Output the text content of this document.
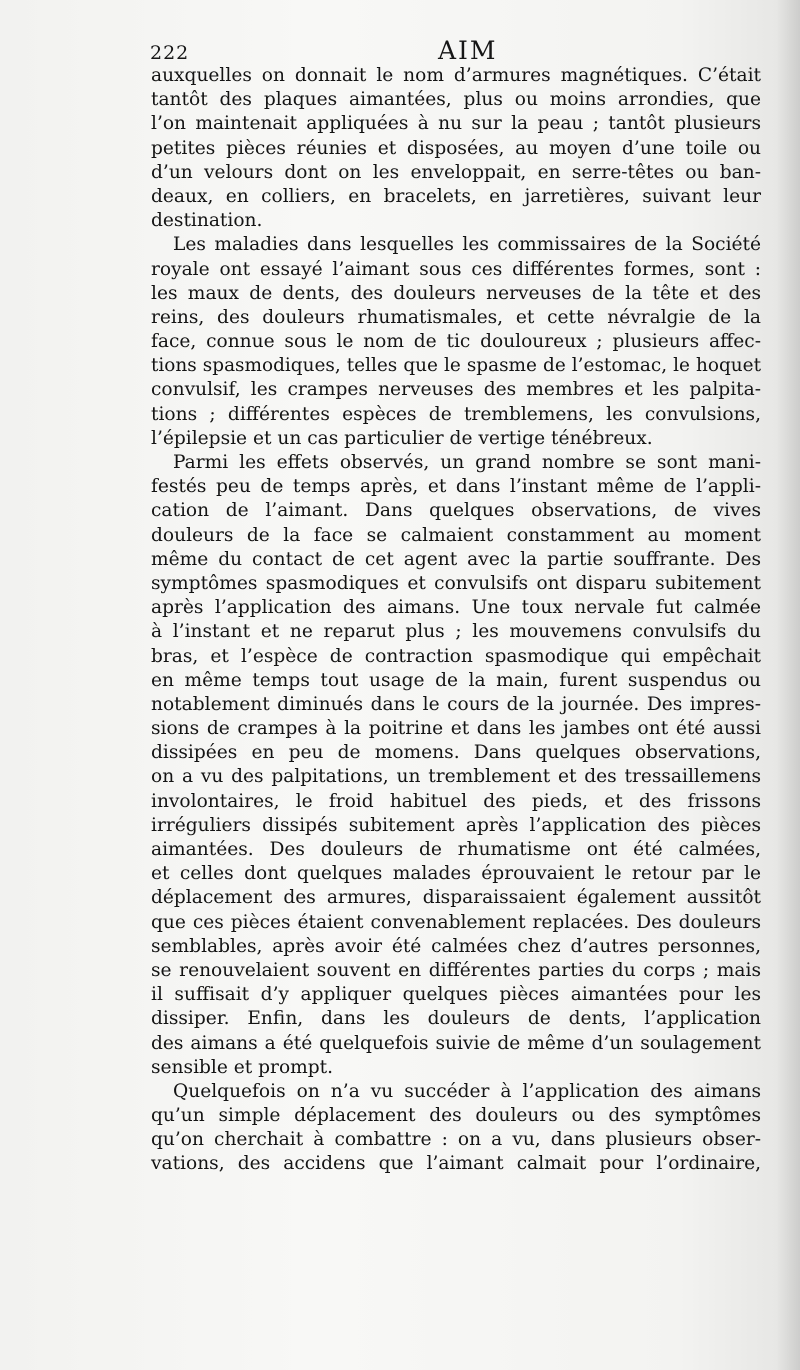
222	AIM
auxquelles on donnait le nom d’armures magnétiques. C’était
tantôt des plaques aimantées, plus ou moins arrondies, que
l’on maintenait appliquées à nu sur la peau ; tantôt plusieurs
petites pièces réunies et disposées, au moyen d’une toile ou
d’un velours dont on les enveloppait, en serre-têtes ou ban-
deaux, en colliers, en bracelets, en jarretières, suivant leur
destination.
Les maladies dans lesquelles les commissaires de la Société
royale ont essayé l’aimant sous ces différentes formes, sont :
les maux de dents, des douleurs nerveuses de la tête et des
reins, des douleurs rhumatismales, et cette névralgie de la
face, connue sous le nom de tic douloureux ; plusieurs affec-
tions spasmodiques, telles que le spasme de l’estomac, le hoquet
convulsif, les crampes nerveuses des membres et les palpita-
tions ; différentes espèces de tremblemens, les convulsions,
l’épilepsie et un cas particulier de vertige ténébreux.
Parmi les effets observés, un grand nombre se sont mani-
festés peu de temps après, et dans l’instant même de l’appli-
cation de l’aimant. Dans quelques observations, de vives
douleurs de la face se calmaient constamment au moment
même du contact de cet agent avec la partie souffrante. Des
symptômes spasmodiques et convulsifs ont disparu subitement
après l’application des aimans. Une toux nervale fut calmée
à l’instant et ne reparut plus ; les mouvemens convulsifs du
bras, et l’espèce de contraction spasmodique qui empêchait
en même temps tout usage de la main, furent suspendus ou
notablement diminués dans le cours de la journée. Des impres-
sions de crampes à la poitrine et dans les jambes ont été aussi
dissipées en peu de momens. Dans quelques observations,
on a vu des palpitations, un tremblement et des tressaillemens
involontaires, le froid habituel des pieds, et des frissons
irréguliers dissipés subitement après l’application des pièces
aimantées. Des douleurs de rhumatisme ont été calmées,
et celles dont quelques malades éprouvaient le retour par le
déplacement des armures, disparaissaient également aussitôt
que ces pièces étaient convenablement replacées. Des douleurs
semblables, après avoir été calmées chez d’autres personnes,
se renouvelaient souvent en différentes parties du corps ; mais
il suffisait d’y appliquer quelques pièces aimantées pour les
dissiper. Enfin, dans les douleurs de dents, l’application
des aimans a été quelquefois suivie de même d’un soulagement
sensible et prompt.
Quelquefois on n’a vu succéder à l’application des aimans
qu’un simple déplacement des douleurs ou des symptômes
qu’on cherchait à combattre : on a vu, dans plusieurs obser-
vations, des accidens que l’aimant calmait pour l’ordinaire,
